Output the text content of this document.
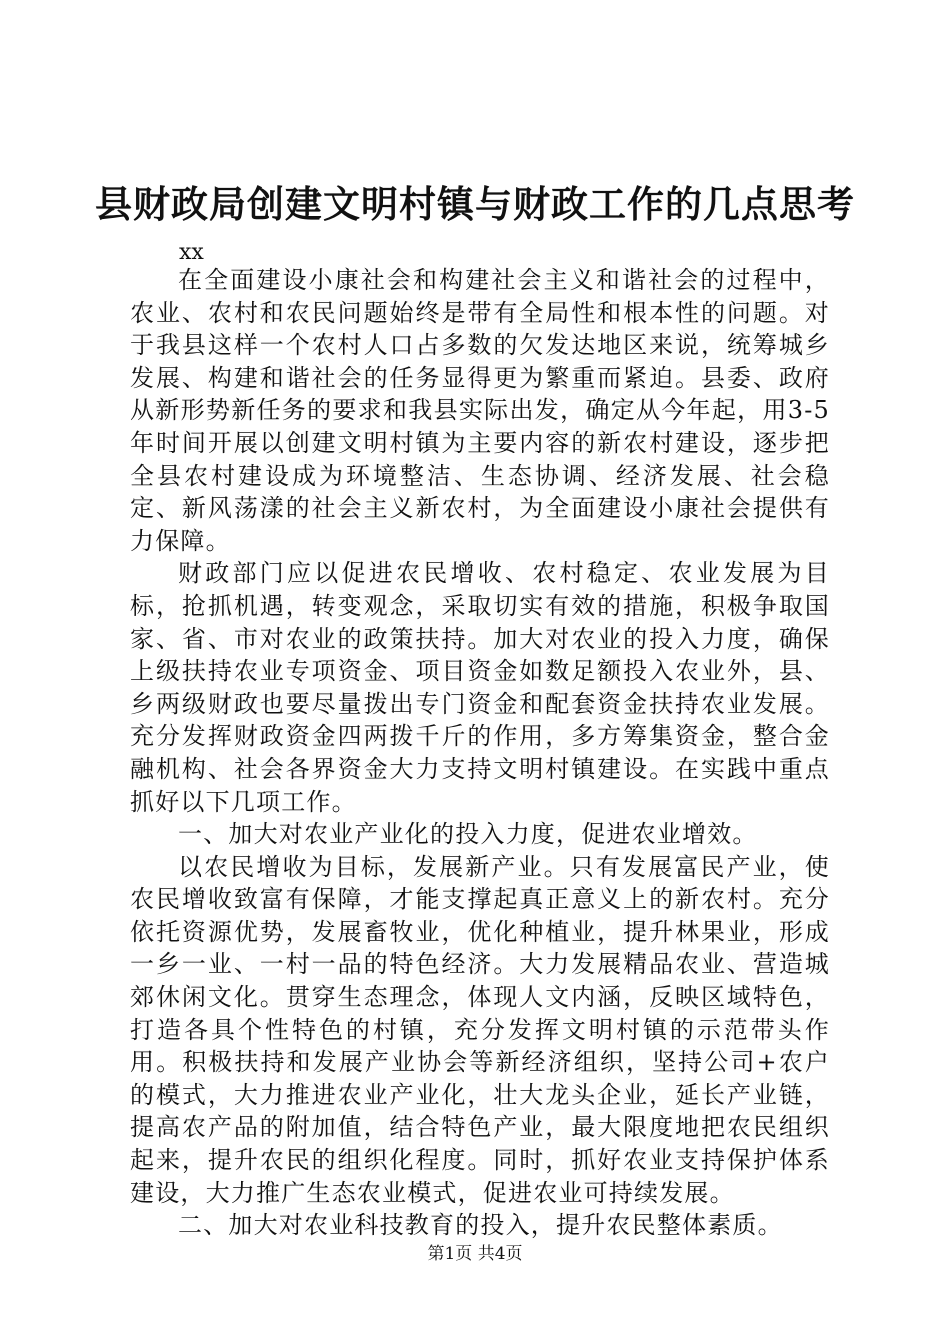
县财政局创建文明村镇与财政工作的几点思考

xx

在全面建设小康社会和构建社会主义和谐社会的过程中，农业、农村和农民问题始终是带有全局性和根本性的问题。对于我县这样一个农村人口占多数的欠发达地区来说，统筹城乡发展、构建和谐社会的任务显得更为繁重而紧迫。县委、政府从新形势新任务的要求和我县实际出发，确定从今年起，用3-5年时间开展以创建文明村镇为主要内容的新农村建设，逐步把全县农村建设成为环境整洁、生态协调、经济发展、社会稳定、新风荡漾的社会主义新农村，为全面建设小康社会提供有力保障。

财政部门应以促进农民增收、农村稳定、农业发展为目标，抢抓机遇，转变观念，采取切实有效的措施，积极争取国家、省、市对农业的政策扶持。加大对农业的投入力度，确保上级扶持农业专项资金、项目资金如数足额投入农业外，县、乡两级财政也要尽量拨出专门资金和配套资金扶持农业发展。充分发挥财政资金四两拨千斤的作用，多方筹集资金，整合金融机构、社会各界资金大力支持文明村镇建设。在实践中重点抓好以下几项工作。

一、加大对农业产业化的投入力度，促进农业增效。

以农民增收为目标，发展新产业。只有发展富民产业，使农民增收致富有保障，才能支撑起真正意义上的新农村。充分依托资源优势，发展畜牧业，优化种植业，提升林果业，形成一乡一业、一村一品的特色经济。大力发展精品农业、营造城郊休闲文化。贯穿生态理念，体现人文内涵，反映区域特色，打造各具个性特色的村镇，充分发挥文明村镇的示范带头作用。积极扶持和发展产业协会等新经济组织，坚持公司+农户的模式，大力推进农业产业化，壮大龙头企业，延长产业链，提高农产品的附加值，结合特色产业，最大限度地把农民组织起来，提升农民的组织化程度。同时，抓好农业支持保护体系建设，大力推广生态农业模式，促进农业可持续发展。

二、加大对农业科技教育的投入，提升农民整体素质。

第1页 共4页
